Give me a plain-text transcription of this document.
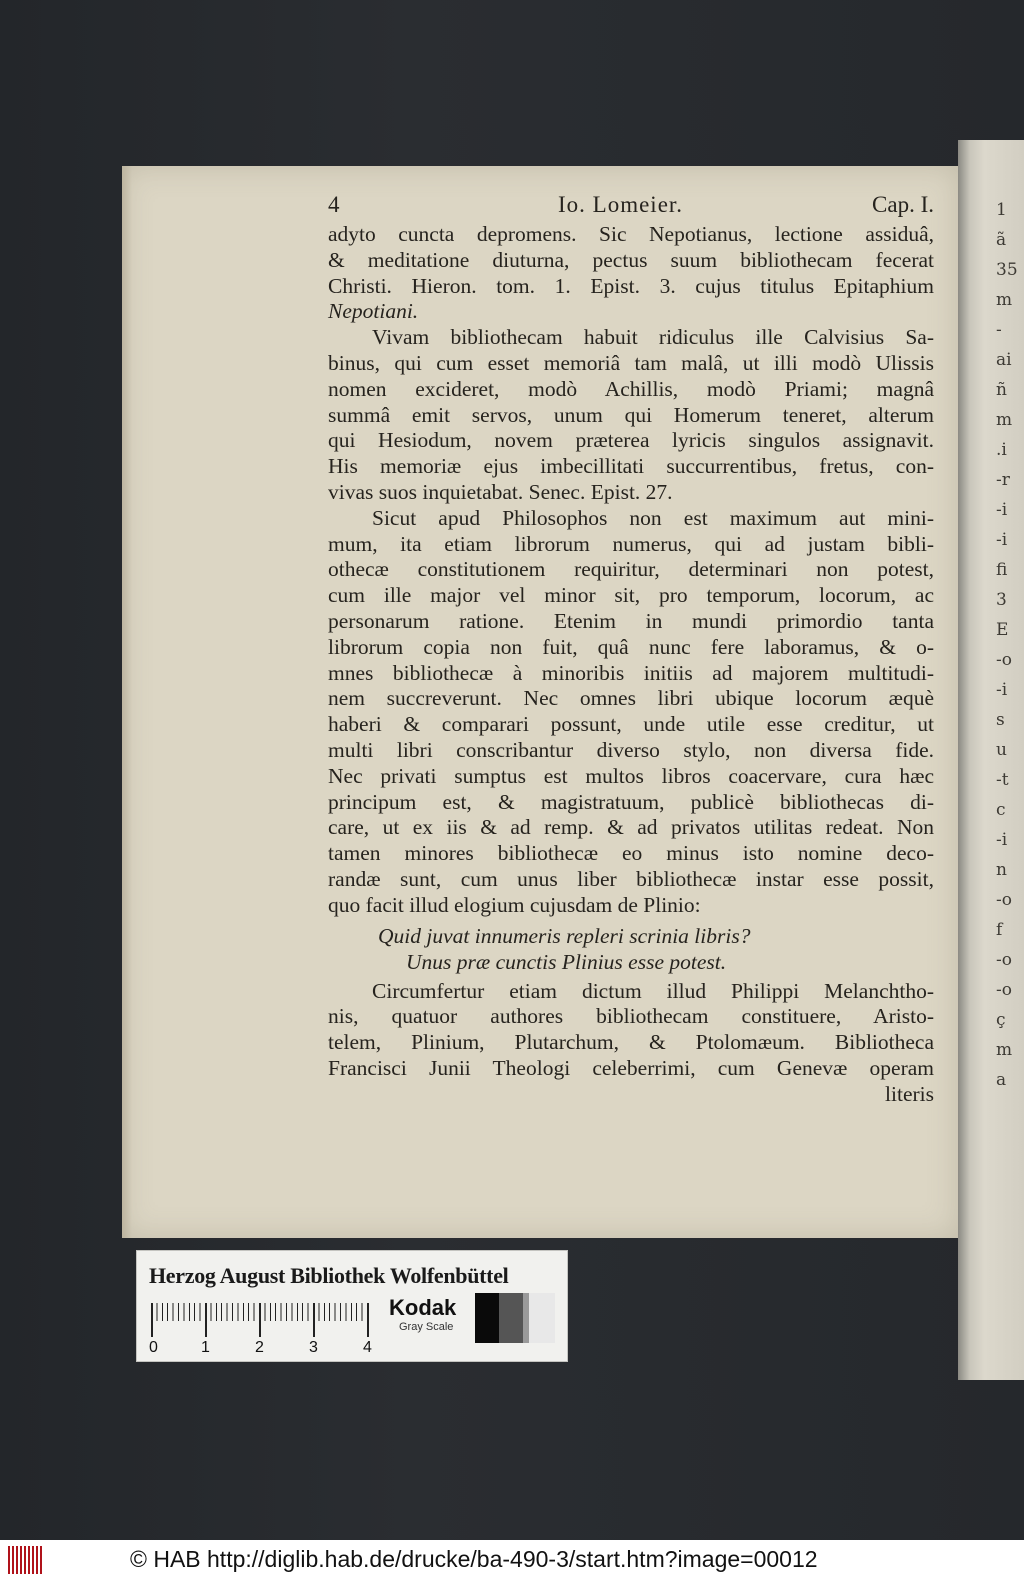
1
ã
35
m
-
ai
ñ
m
.i
-r
-i
-i
fi
3
E
-o
-i
s
u
-t
c
-i
n
-o
f
-o
-o
ç
m
a
4	Io. Lomeier.	Cap. I.
adyto cuncta depromens. Sic Nepotianus, lectione assiduâ,
& meditatione diuturna, pectus suum bibliothecam fecerat
Christi. Hieron. tom. 1. Epist. 3. cujus titulus Epitaphium
Nepotiani.
Vivam bibliothecam habuit ridiculus ille Calvisius Sa-
binus, qui cum esset memoriâ tam malâ, ut illi modò Ulissis
nomen excideret, modò Achillis, modò Priami; magnâ
summâ emit servos, unum qui Homerum teneret, alterum
qui Hesiodum, novem præterea lyricis singulos assignavit.
His memoriæ ejus imbecillitati succurrentibus, fretus, con-
vivas suos inquietabat. Senec. Epist. 27.
Sicut apud Philosophos non est maximum aut mini-
mum, ita etiam librorum numerus, qui ad justam bibli-
othecæ constitutionem requiritur, determinari non potest,
cum ille major vel minor sit, pro temporum, locorum, ac
personarum ratione. Etenim in mundi primordio tanta
librorum copia non fuit, quâ nunc fere laboramus, & o-
mnes bibliothecæ à minoribis initiis ad majorem multitudi-
nem succreverunt. Nec omnes libri ubique locorum æquè
haberi & comparari possunt, unde utile esse creditur, ut
multi libri conscribantur diverso stylo, non diversa fide.
Nec privati sumptus est multos libros coacervare, cura hæc
principum est, & magistratuum, publicè bibliothecas di-
care, ut ex iis & ad remp. & ad privatos utilitas redeat. Non
tamen minores bibliothecæ eo minus isto nomine deco-
randæ sunt, cum unus liber bibliothecæ instar esse possit,
quo facit illud elogium cujusdam de Plinio:
Quid juvat innumeris repleri scrinia libris?
Unus præ cunctis Plinius esse potest.
Circumfertur etiam dictum illud Philippi Melanchtho-
nis, quatuor authores bibliothecam constituere, Aristo-
telem, Plinium, Plutarchum, & Ptolomæum. Bibliotheca
Francisci Junii Theologi celeberrimi, cum Genevæ operam
literis
Herzog August Bibliothek Wolfenbüttel
0	1	2	3	4
Kodak
Gray Scale
© HAB http://diglib.hab.de/drucke/ba-490-3/start.htm?image=00012
